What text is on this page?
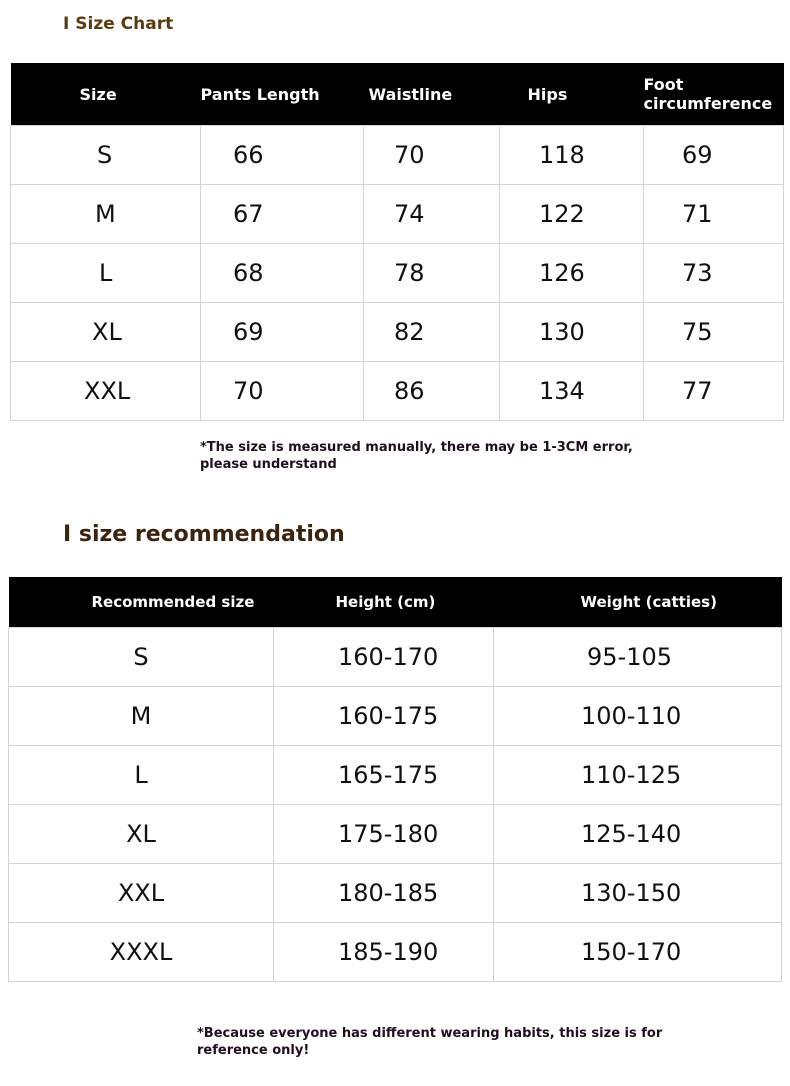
I Size Chart
Size	Pants Length	Waistline	Hips	Foot circumference
S	66	70	118	69
M	67	74	122	71
L	68	78	126	73
XL	69	82	130	75
XXL	70	86	134	77

*The size is measured manually, there may be 1-3CM error, please understand

I size recommendation
Recommended size	Height (cm)	Weight (catties)
S	160-170	95-105
M	160-175	100-110
L	165-175	110-125
XL	175-180	125-140
XXL	180-185	130-150
XXXL	185-190	150-170

*Because everyone has different wearing habits, this size is for reference only!
